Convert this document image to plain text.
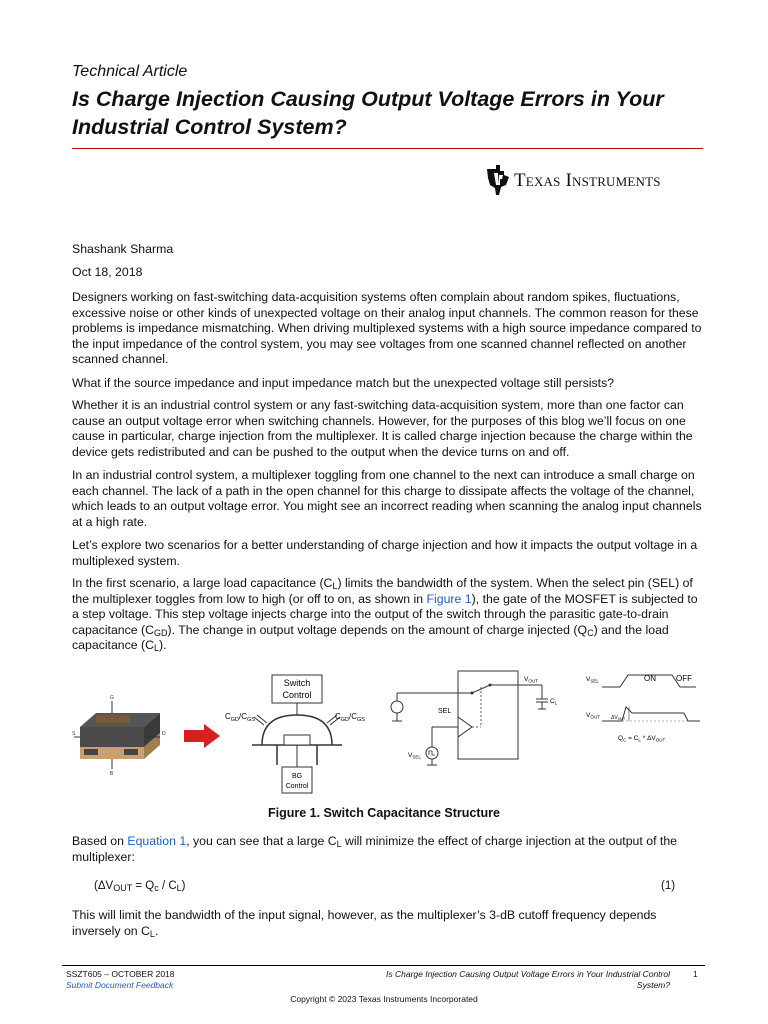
Technical Article
Is Charge Injection Causing Output Voltage Errors in Your Industrial Control System?
Texas Instruments
Shashank Sharma
Oct 18, 2018
Designers working on fast-switching data-acquisition systems often complain about random spikes, fluctuations, excessive noise or other kinds of unexpected voltage on their analog input channels. The common reason for these problems is impedance mismatching. When driving multiplexed systems with a high source impedance compared to the input impedance of the control system, you may see voltages from one scanned channel reflected on another scanned channel.
What if the source impedance and input impedance match but the unexpected voltage still persists?
Whether it is an industrial control system or any fast-switching data-acquisition system, more than one factor can cause an output voltage error when switching channels. However, for the purposes of this blog we’ll focus on one cause in particular, charge injection from the multiplexer. It is called charge injection because the charge within the device gets redistributed and can be pushed to the output when the device turns on and off.
In an industrial control system, a multiplexer toggling from one channel to the next can introduce a small charge on each channel. The lack of a path in the open channel for this charge to dissipate affects the voltage of the channel, which leads to an output voltage error. You might see an incorrect reading when scanning the analog input channels at a high rate.
Let’s explore two scenarios for a better understanding of charge injection and how it impacts the output voltage in a multiplexed system.
In the first scenario, a large load capacitance $(C_L)$ limits the bandwidth of the system. When the select pin (SEL) of the multiplexer toggles from low to high (or off to on, as shown in Figure 1), the gate of the MOSFET is subjected to a step voltage. This step voltage injects charge into the output of the switch through the parasitic gate-to-drain capacitance $(C_{GD})$. The change in output voltage depends on the amount of charge injected $(Q_C)$ and the load capacitance $(C_L)$.
G
S	D
B
Switch
Control
$C_{GD}/C_{GS}$	$C_{GD}/C_{GS}$
BG
Control
$V_{OUT}$
$C_L$
SEL
$V_{SEL}$
$V_{SEL}$	ON	OFF
$V_{OUT}$ $\Delta V_{OUT}$
$Q_C = C_L * \Delta V_{OUT}$
Figure 1. Switch Capacitance Structure
Based on Equation 1, you can see that a large $C_L$ will minimize the effect of charge injection at the output of the multiplexer:
$(\Delta V_{OUT} = Q_c / C_L)$	(1)
This will limit the bandwidth of the input signal, however, as the multiplexer’s 3-dB cutoff frequency depends inversely on $C_L$.
SSZT605 – OCTOBER 2018
Submit Document Feedback
Is Charge Injection Causing Output Voltage Errors in Your Industrial Control
System?
1
Copyright © 2023 Texas Instruments Incorporated
